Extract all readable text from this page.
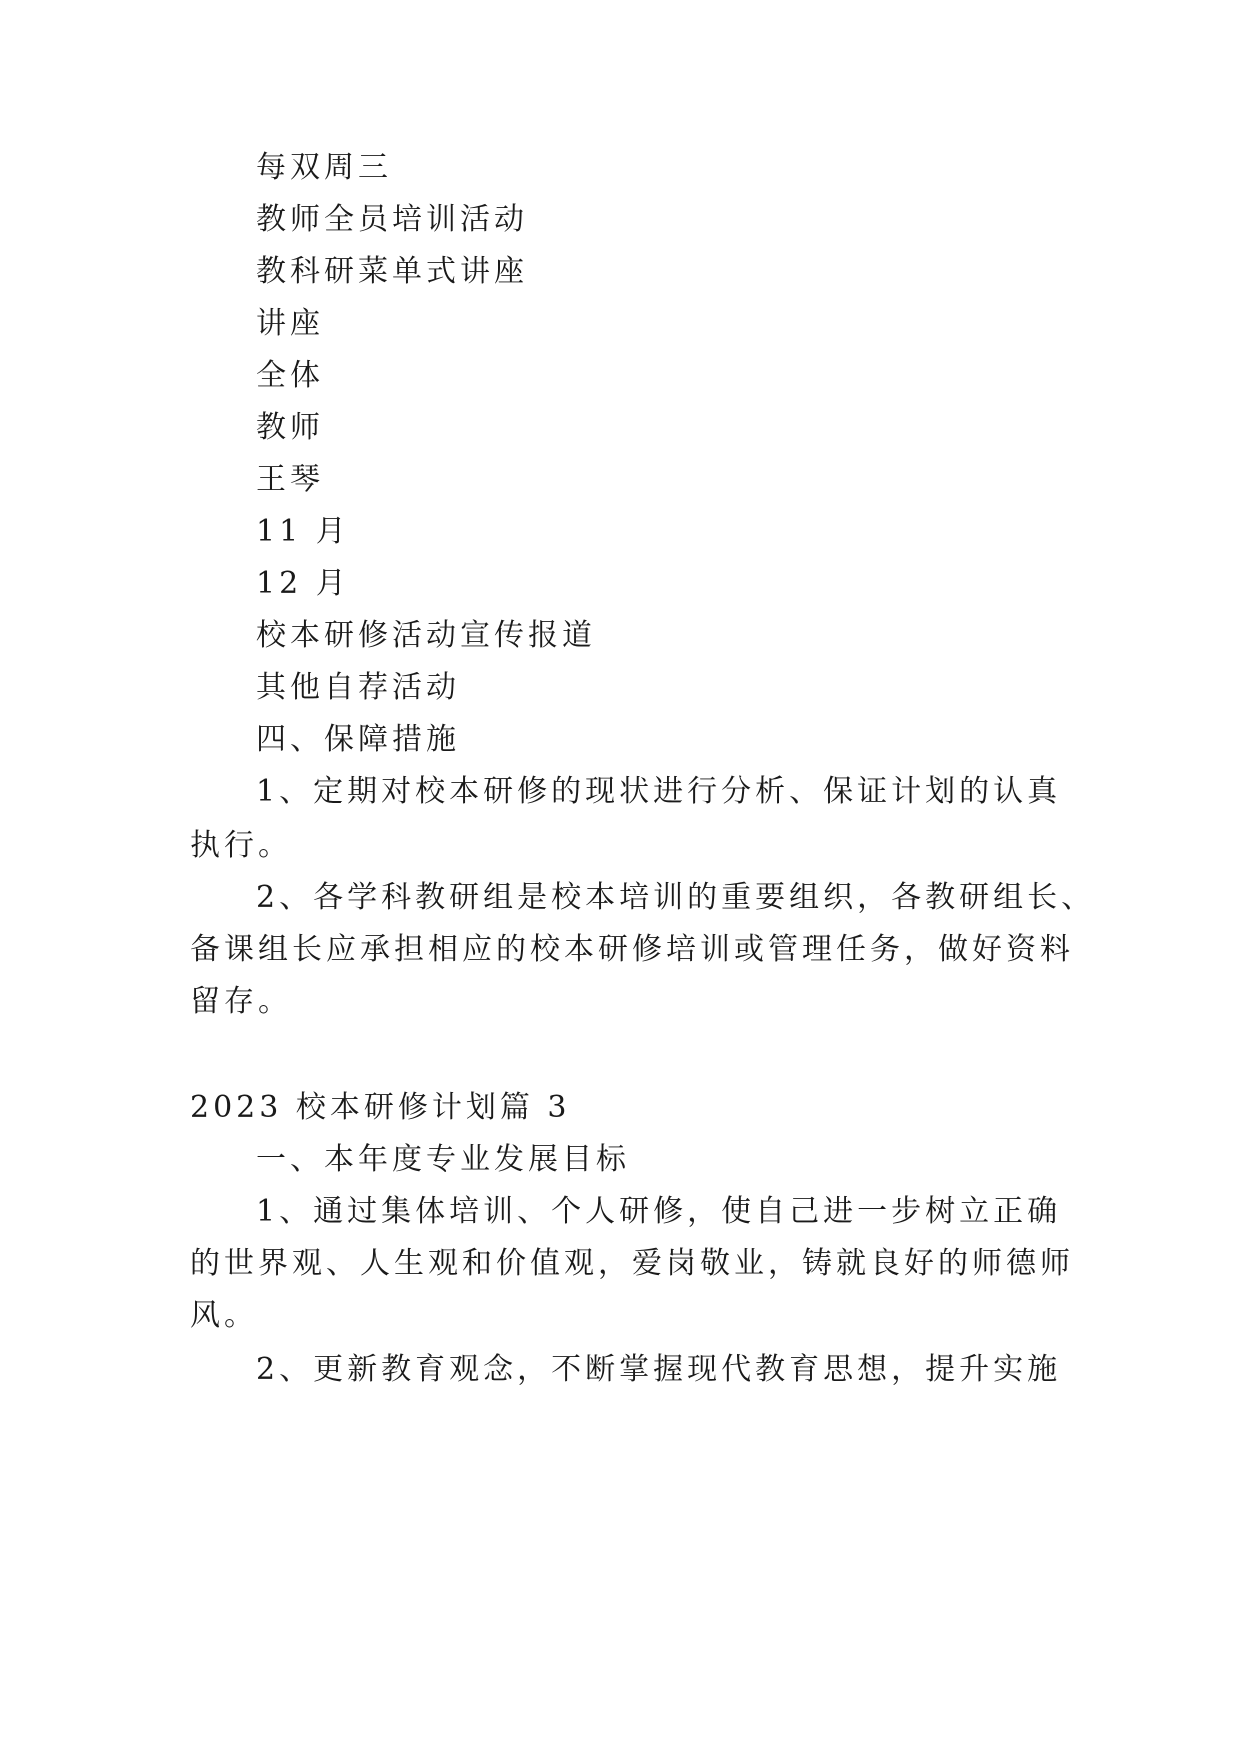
每双周三
教师全员培训活动
教科研菜单式讲座
讲座
全体
教师
王琴
11 月
12 月
校本研修活动宣传报道
其他自荐活动
四、保障措施
1、定期对校本研修的现状进行分析、保证计划的认真
执行。
2、各学科教研组是校本培训的重要组织，各教研组长、
备课组长应承担相应的校本研修培训或管理任务，做好资料
留存。
2023 校本研修计划篇 3
一、本年度专业发展目标
1、通过集体培训、个人研修，使自己进一步树立正确
的世界观、人生观和价值观，爱岗敬业，铸就良好的师德师
风。
2、更新教育观念，不断掌握现代教育思想，提升实施
